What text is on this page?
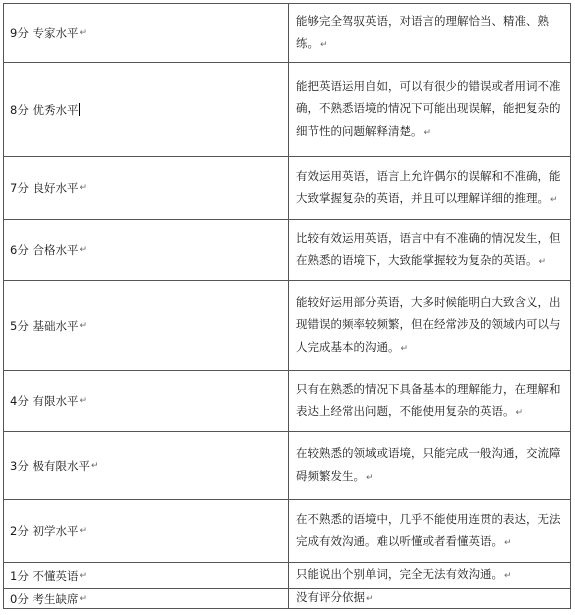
9分 专家水平 ↵
能够完全驾驭英语，对语言的理解恰当、精准、熟练。↵
8分 优秀水平
能把英语运用自如，可以有很少的错误或者用词不准确，不熟悉语境的情况下可能出现误解，能把复杂的细节性的问题解释清楚。↵
7分 良好水平 ↵
有效运用英语，语言上允许偶尔的误解和不准确，能大致掌握复杂的英语，并且可以理解详细的推理。↵
6分 合格水平 ↵
比较有效运用英语，语言中有不准确的情况发生，但在熟悉的语境下，大致能掌握较为复杂的英语。↵
5分 基础水平 ↵
能较好运用部分英语，大多时候能明白大致含义，出现错误的频率较频繁，但在经常涉及的领域内可以与人完成基本的沟通。↵
4分 有限水平 ↵
只有在熟悉的情况下具备基本的理解能力，在理解和表达上经常出问题，不能使用复杂的英语。↵
3分 极有限水平 ↵
在较熟悉的领域或语境，只能完成一般沟通，交流障碍频繁发生。↵
2分 初学水平 ↵
在不熟悉的语境中，几乎不能使用连贯的表达，无法完成有效沟通。难以听懂或者看懂英语。↵
1分 不懂英语 ↵	只能说出个别单词，完全无法有效沟通。↵
0分 考生缺席 ↵	没有评分依据↵
